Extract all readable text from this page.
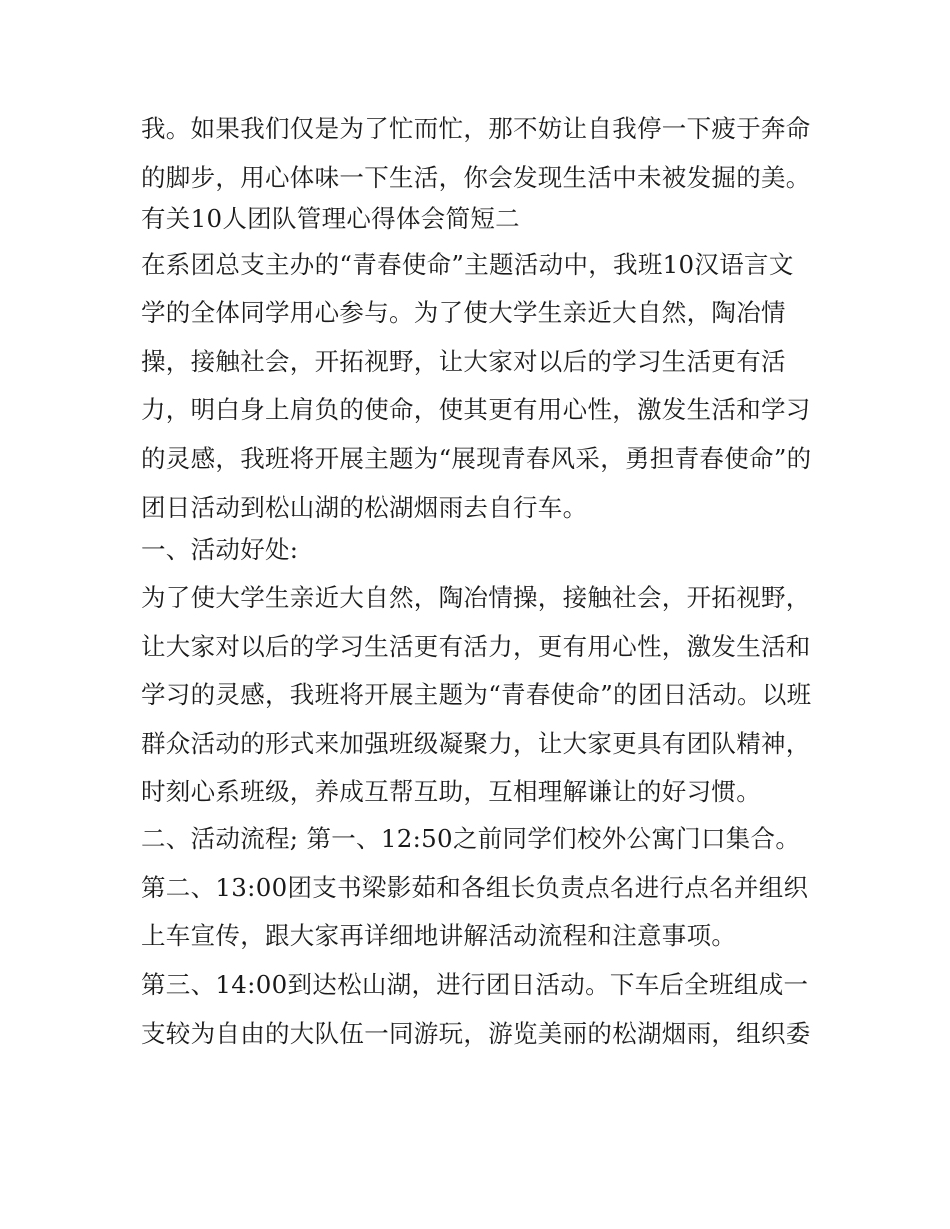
我。如果我们仅是为了忙而忙，那不妨让自我停一下疲于奔命
的脚步，用心体味一下生活，你会发现生活中未被发掘的美。
有关10人团队管理心得体会简短二
在系团总支主办的“青春使命”主题活动中，我班10汉语言文
学的全体同学用心参与。为了使大学生亲近大自然，陶冶情
操，接触社会，开拓视野，让大家对以后的学习生活更有活
力，明白身上肩负的使命，使其更有用心性，激发生活和学习
的灵感，我班将开展主题为“展现青春风采，勇担青春使命”的
团日活动到松山湖的松湖烟雨去自行车。
一、活动好处:
为了使大学生亲近大自然，陶冶情操，接触社会，开拓视野，
让大家对以后的学习生活更有活力，更有用心性，激发生活和
学习的灵感，我班将开展主题为“青春使命”的团日活动。以班
群众活动的形式来加强班级凝聚力，让大家更具有团队精神，
时刻心系班级，养成互帮互助，互相理解谦让的好习惯。
二、活动流程; 第一、12:50之前同学们校外公寓门口集合。
第二、13:00团支书梁影茹和各组长负责点名进行点名并组织
上车宣传，跟大家再详细地讲解活动流程和注意事项。
第三、14:00到达松山湖，进行团日活动。下车后全班组成一
支较为自由的大队伍一同游玩，游览美丽的松湖烟雨，组织委
